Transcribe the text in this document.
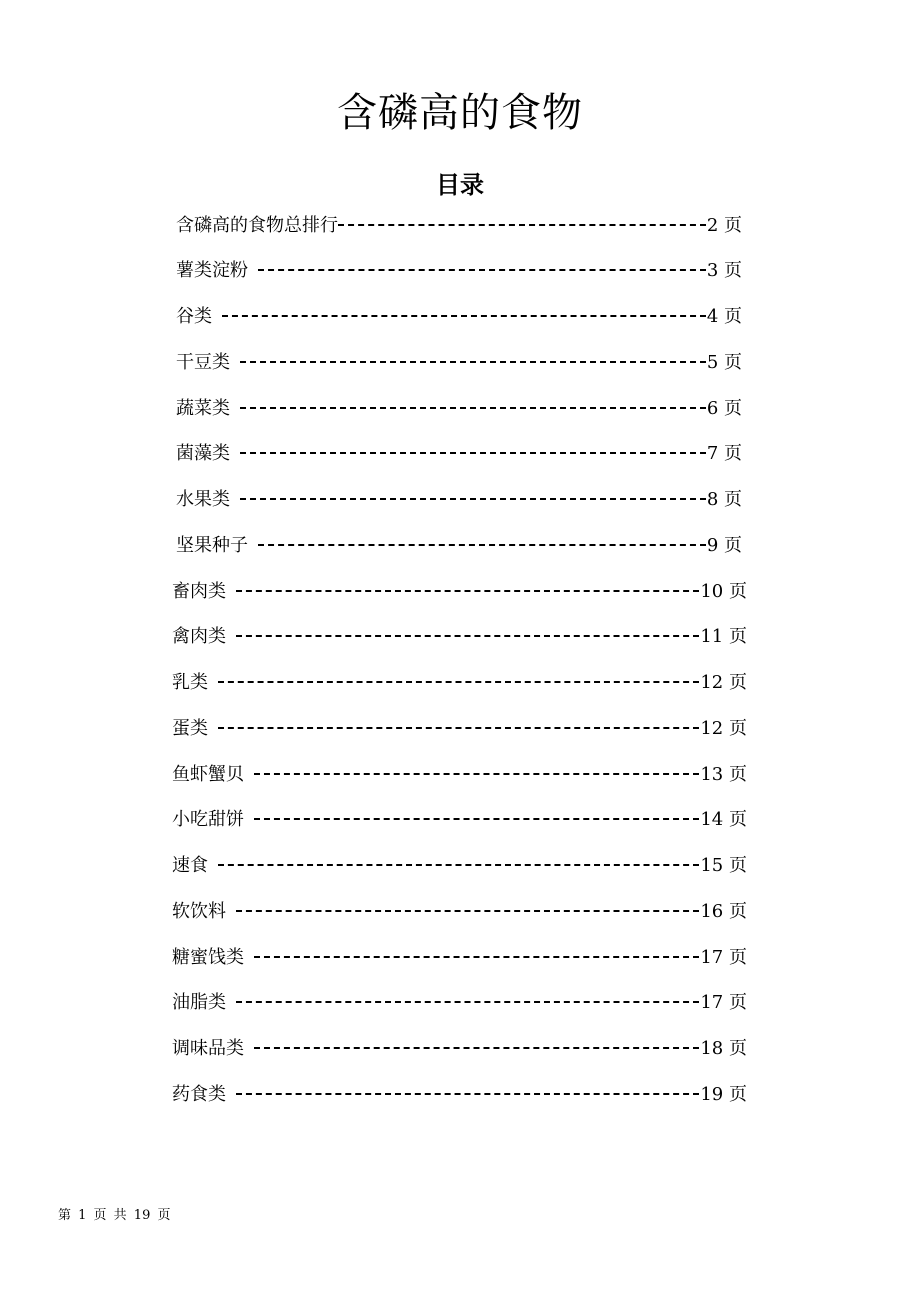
含磷高的食物
目录
含磷高的食物总排行	2 页
薯类淀粉	3 页
谷类	4 页
干豆类	5 页
蔬菜类	6 页
菌藻类	7 页
水果类	8 页
坚果种子	9 页
畜肉类	10 页
禽肉类	11 页
乳类	12 页
蛋类	12 页
鱼虾蟹贝	13 页
小吃甜饼	14 页
速食	15 页
软饮料	16 页
糖蜜饯类	17 页
油脂类	17 页
调味品类	18 页
药食类	19 页
第 1 页 共 19 页
